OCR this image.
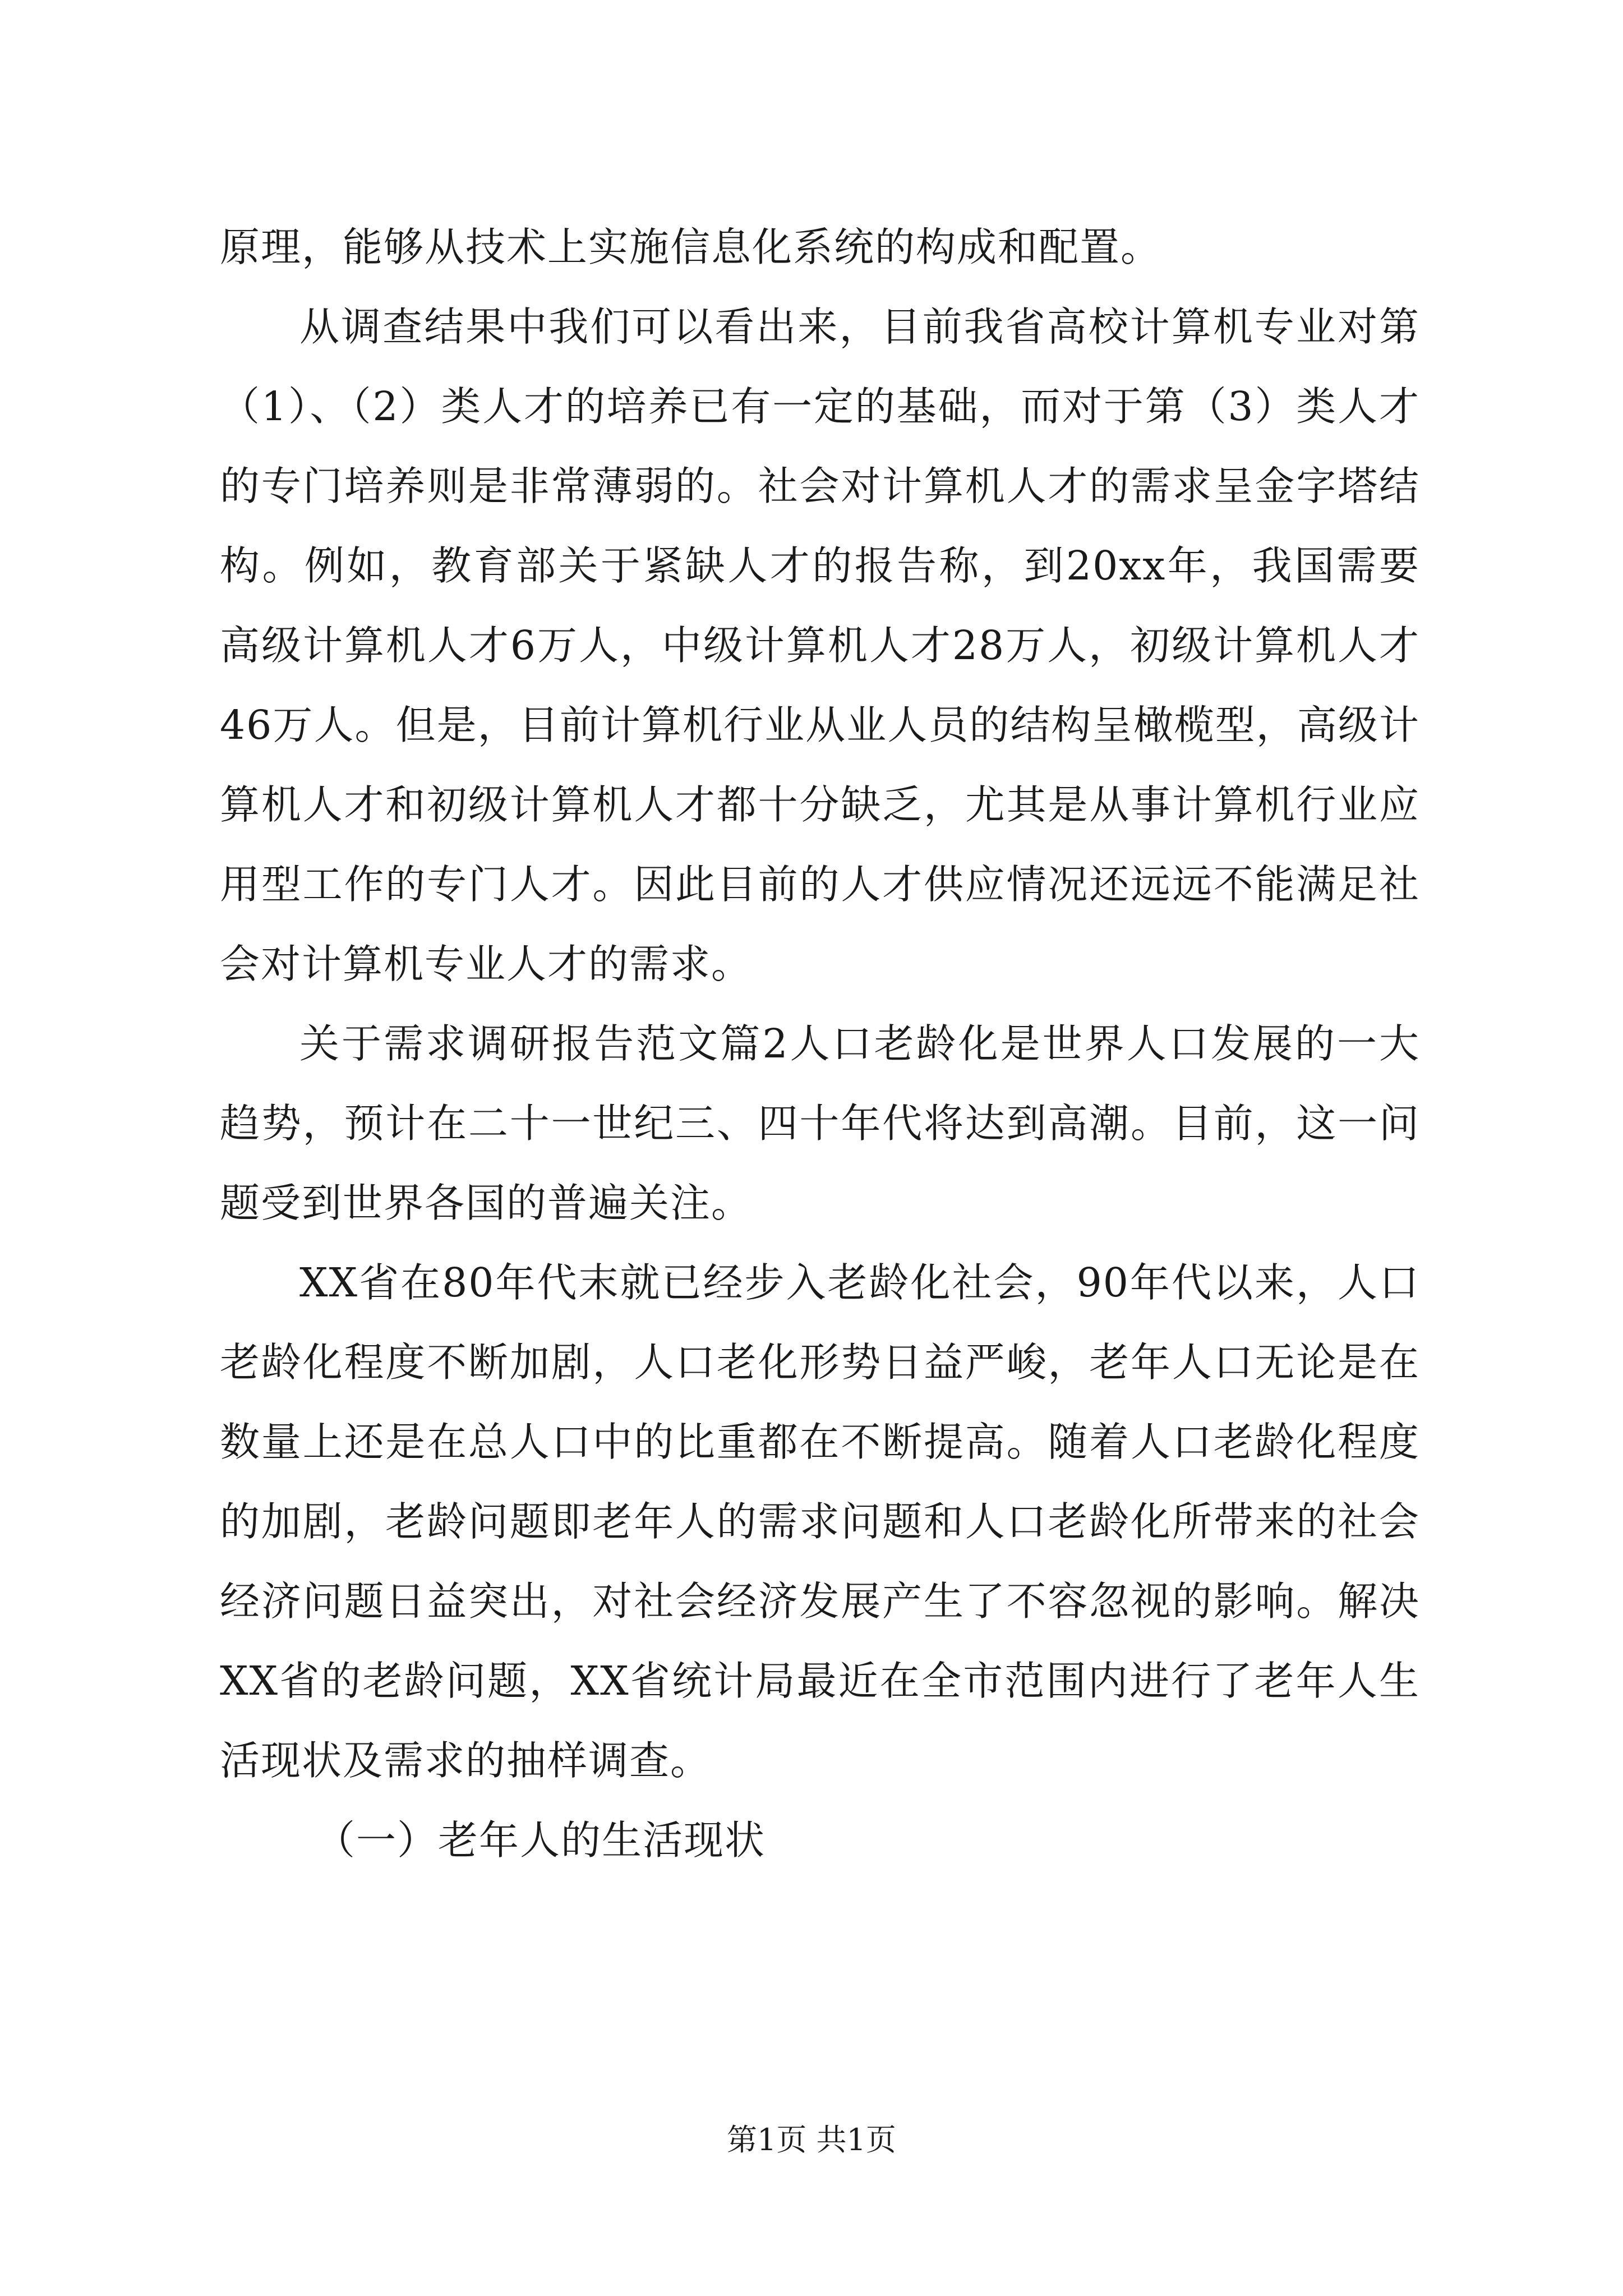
原理，能够从技术上实施信息化系统的构成和配置。

从调查结果中我们可以看出来，目前我省高校计算机专业对第（1）、（2）类人才的培养已有一定的基础，而对于第（3）类人才的专门培养则是非常薄弱的。社会对计算机人才的需求呈金字塔结构。例如，教育部关于紧缺人才的报告称，到20xx年，我国需要高级计算机人才6万人，中级计算机人才28万人，初级计算机人才46万人。但是，目前计算机行业从业人员的结构呈橄榄型，高级计算机人才和初级计算机人才都十分缺乏，尤其是从事计算机行业应用型工作的专门人才。因此目前的人才供应情况还远远不能满足社会对计算机专业人才的需求。

关于需求调研报告范文篇2人口老龄化是世界人口发展的一大趋势，预计在二十一世纪三、四十年代将达到高潮。目前，这一问题受到世界各国的普遍关注。

XX省在80年代末就已经步入老龄化社会，90年代以来，人口老龄化程度不断加剧，人口老化形势日益严峻，老年人口无论是在数量上还是在总人口中的比重都在不断提高。随着人口老龄化程度的加剧，老龄问题即老年人的需求问题和人口老龄化所带来的社会经济问题日益突出，对社会经济发展产生了不容忽视的影响。解决XX省的老龄问题，XX省统计局最近在全市范围内进行了老年人生活现状及需求的抽样调查。

（一）老年人的生活现状

第1页 共1页
